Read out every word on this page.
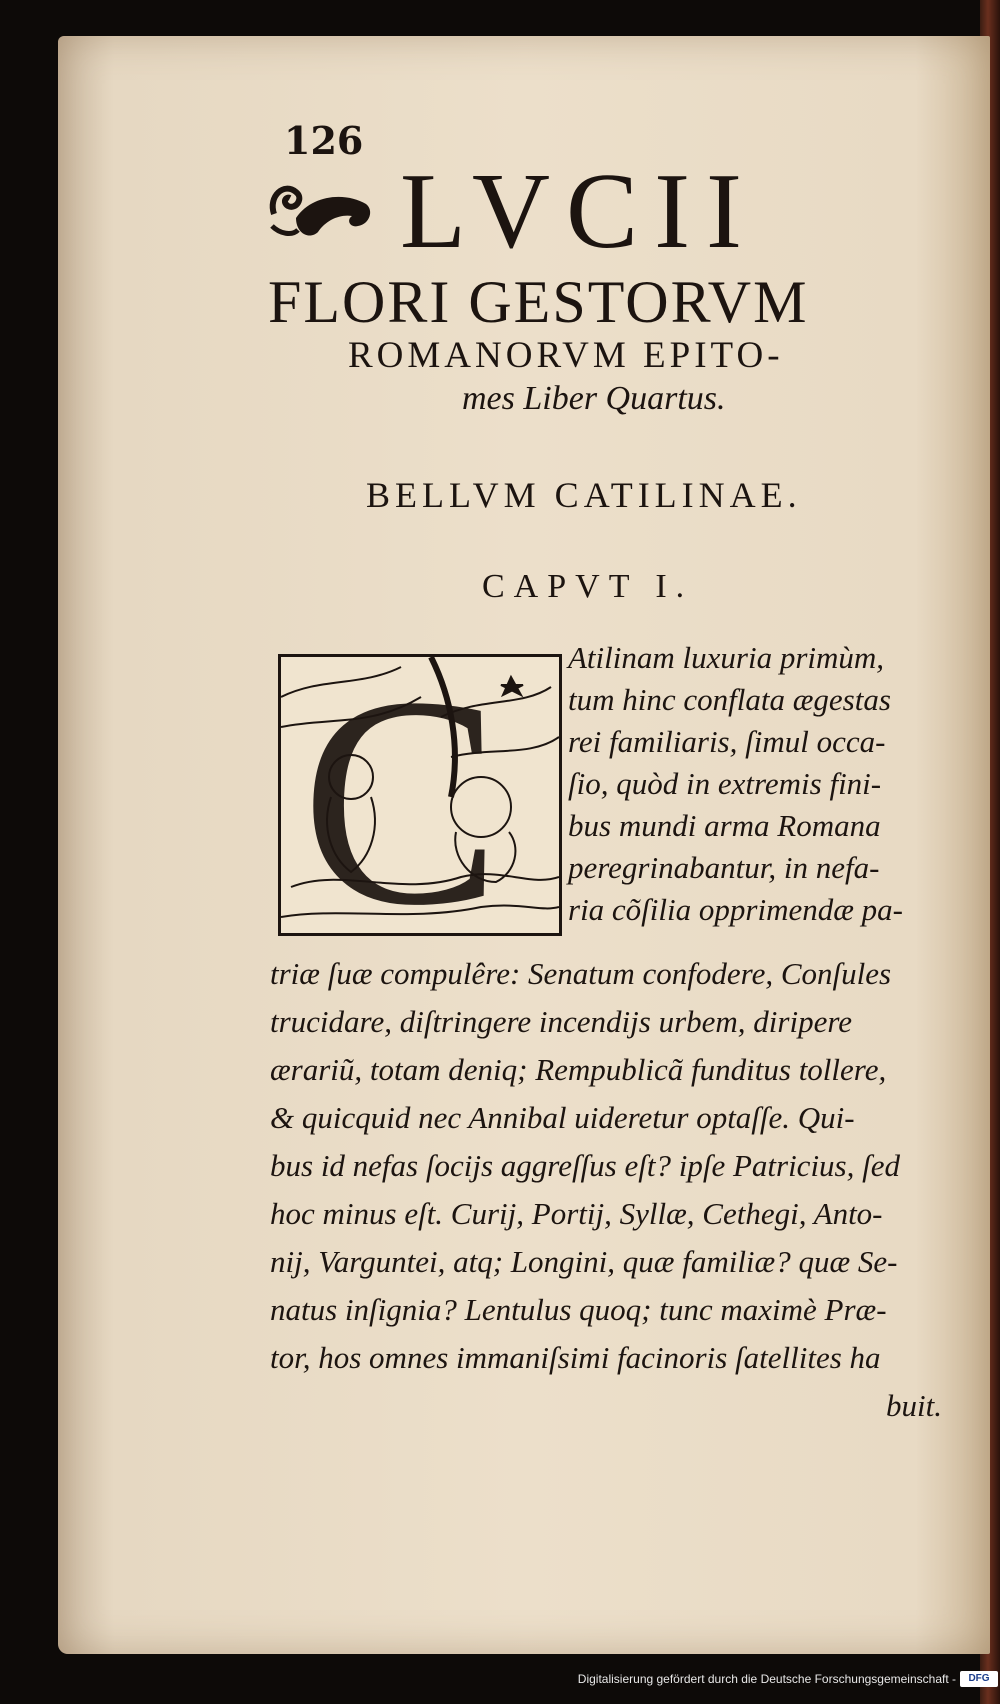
126
LVCII
FLORI GESTORVM
ROMANORVM EPITO-
mes Liber Quartus.
BELLVM CATILINAE.
CAPVT I.
C Atilinam luxuria primùm,
tum hinc conflata ægestas
rei familiaris, ſimul occa-
ſio, quòd in extremis fini-
bus mundi arma Romana
peregrinabantur, in nefa-
ria cõſilia opprimendæ pa-
triæ ſuæ compulêre: Senatum confodere, Conſules
trucidare, diſtringere incendijs urbem, diripere
ærariũ, totam deniq; Rempublicã funditus tollere,
& quicquid nec Annibal uideretur optaſſe. Qui-
bus id nefas ſocijs aggreſſus eſt? ipſe Patricius, ſed
hoc minus eſt. Curij, Portij, Syllæ, Cethegi, Anto-
nij, Varguntei, atq; Longini, quæ familiæ? quæ Se-
natus inſignia? Lentulus quoq; tunc maximè Præ-
tor, hos omnes immaniſsimi facinoris ſatellites ha
buit.
Digitalisierung gefördert durch die Deutsche Forschungsgemeinschaft -	DFG
